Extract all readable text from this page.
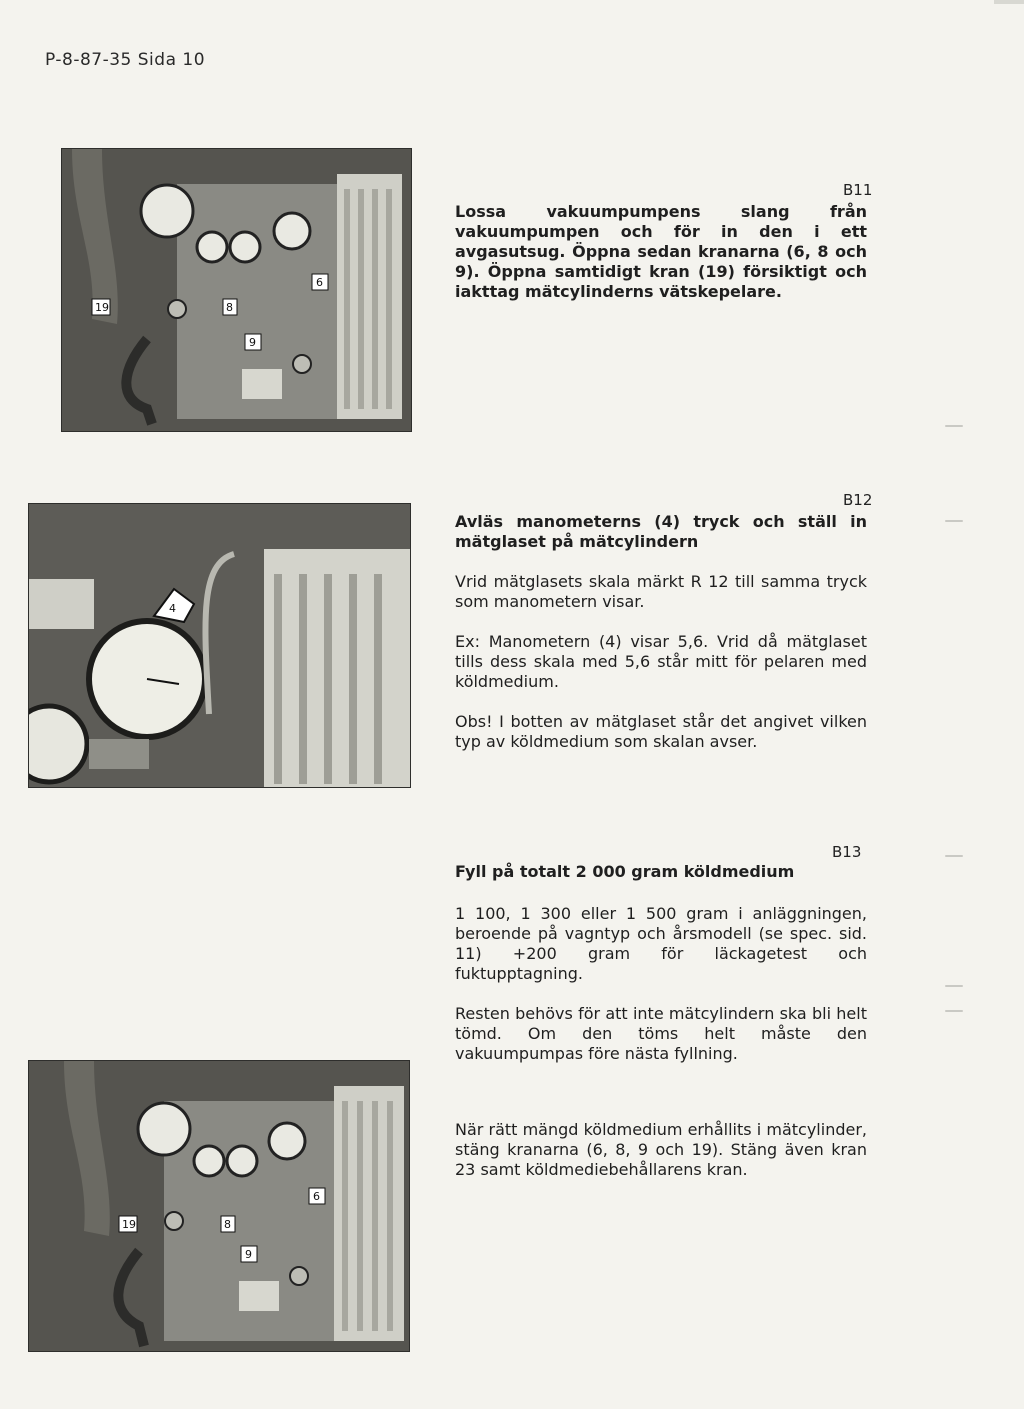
P-8-87-35 Sida 10
19	8
6
9
B11

Lossa vakuumpumpens slang från vakuumpumpen och för in den i ett avgasutsug. Öppna sedan kranarna (6, 8 och 9). Öppna samtidigt kran (19) försiktigt och iakttag mätcylinderns vätskepelare.

4
B12

Avläs manometerns (4) tryck och ställ in mätglaset på mätcylindern

Vrid mätglasets skala märkt R 12 till samma tryck som manometern visar.

Ex: Manometern (4) visar 5,6. Vrid då mätglaset tills dess skala med 5,6 står mitt för pelaren med köldmedium.

Obs! I botten av mätglaset står det angivet vilken typ av köldmedium som skalan avser.

B13

Fyll på totalt 2 000 gram köldmedium

1 100, 1 300 eller 1 500 gram i anläggningen, beroende på vagntyp och årsmodell (se spec. sid. 11) +200 gram för läckagetest och fuktupptagning.

Resten behövs för att inte mätcylindern ska bli helt tömd. Om den töms helt måste den vakuumpumpas före nästa fyllning.

19	8
6
9

När rätt mängd köldmedium erhållits i mätcylinder, stäng kranarna (6, 8, 9 och 19). Stäng även kran 23 samt köldmediebehållarens kran.
